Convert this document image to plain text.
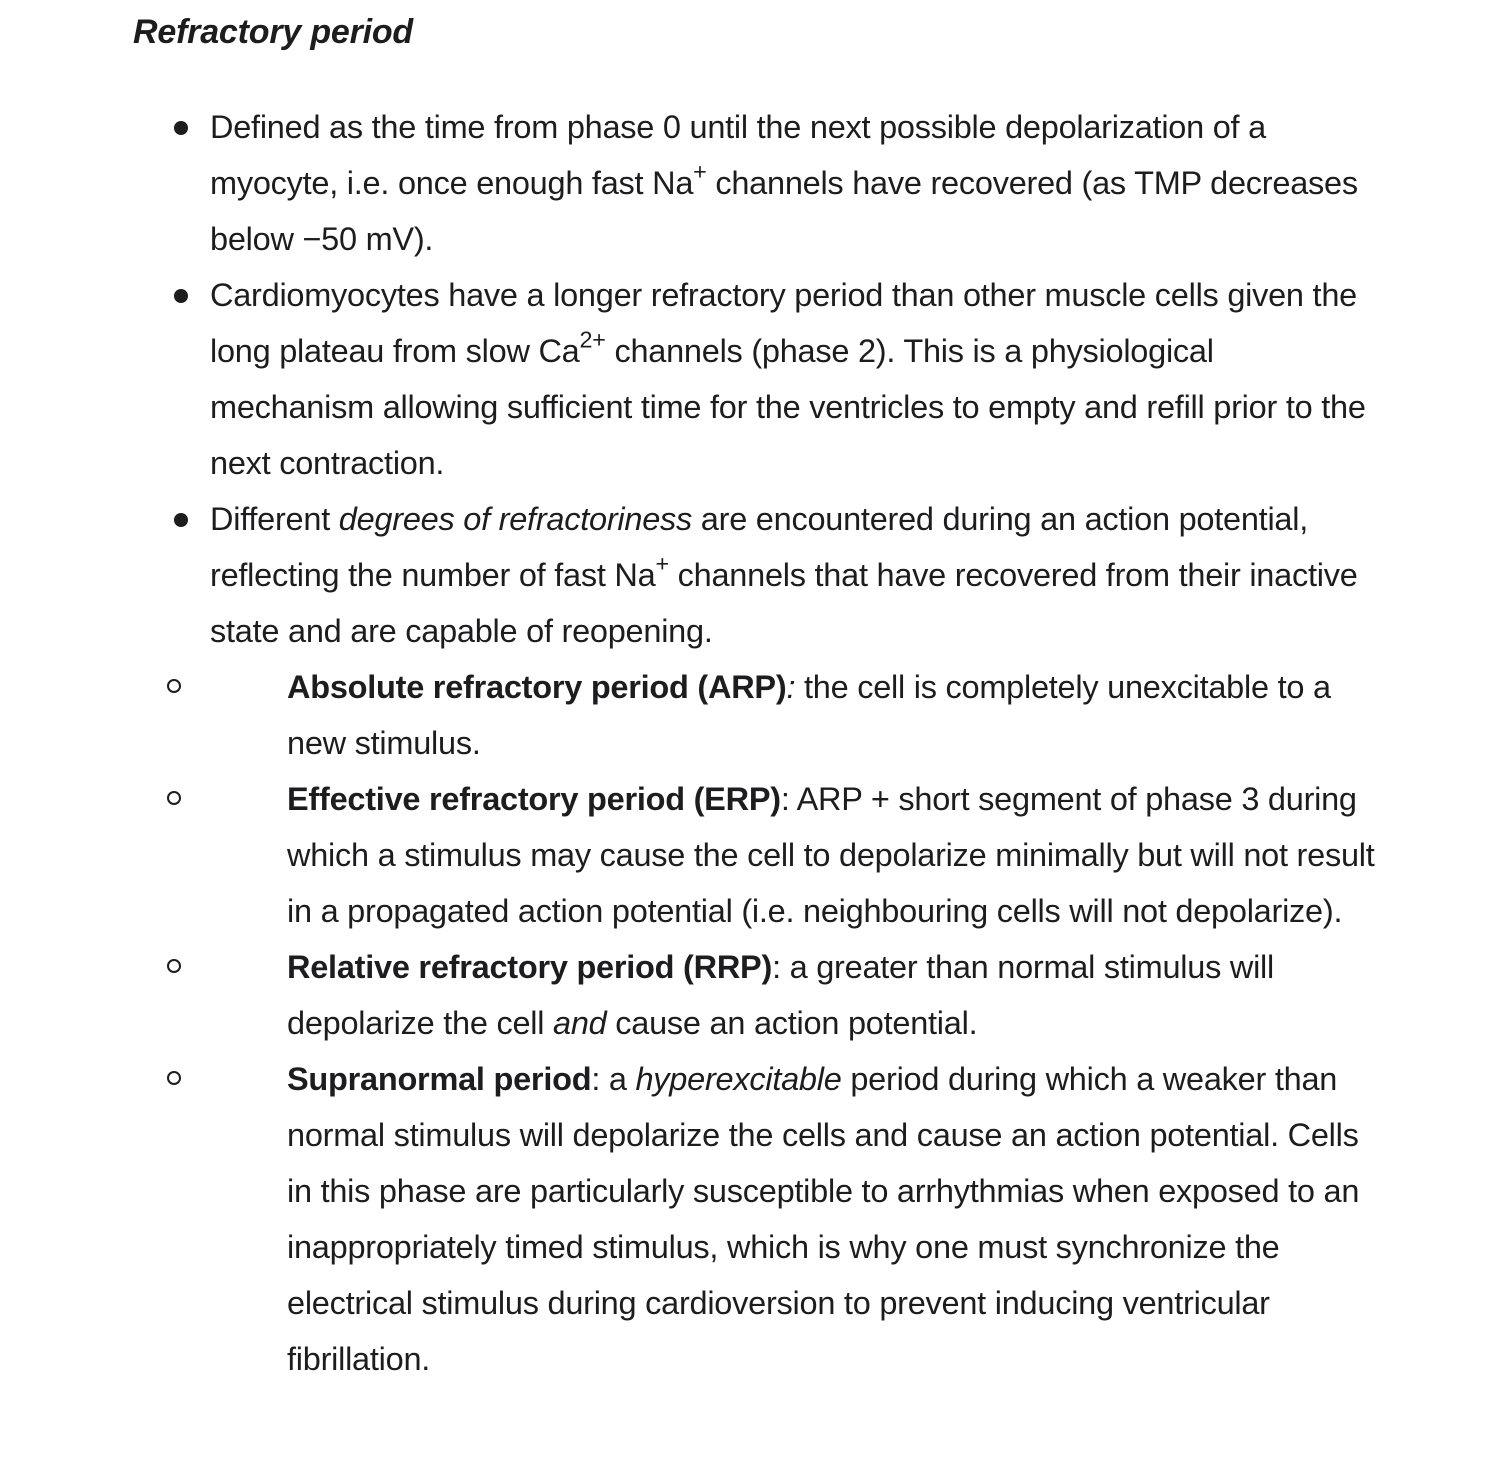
Refractory period
Defined as the time from phase 0 until the next possible depolarization of a myocyte, i.e. once enough fast Na+ channels have recovered (as TMP decreases below −50 mV).
Cardiomyocytes have a longer refractory period than other muscle cells given the long plateau from slow $Ca^{2+}$ channels (phase 2). This is a physiological mechanism allowing sufficient time for the ventricles to empty and refill prior to the next contraction.
Different degrees of refractoriness are encountered during an action potential, reflecting the number of fast Na+ channels that have recovered from their inactive state and are capable of reopening.
Absolute refractory period (ARP): the cell is completely unexcitable to a new stimulus.
Effective refractory period (ERP): ARP + short segment of phase 3 during which a stimulus may cause the cell to depolarize minimally but will not result in a propagated action potential (i.e. neighbouring cells will not depolarize).
Relative refractory period (RRP): a greater than normal stimulus will depolarize the cell and cause an action potential.
Supranormal period: a hyperexcitable period during which a weaker than normal stimulus will depolarize the cells and cause an action potential. Cells in this phase are particularly susceptible to arrhythmias when exposed to an inappropriately timed stimulus, which is why one must synchronize the electrical stimulus during cardioversion to prevent inducing ventricular fibrillation.
